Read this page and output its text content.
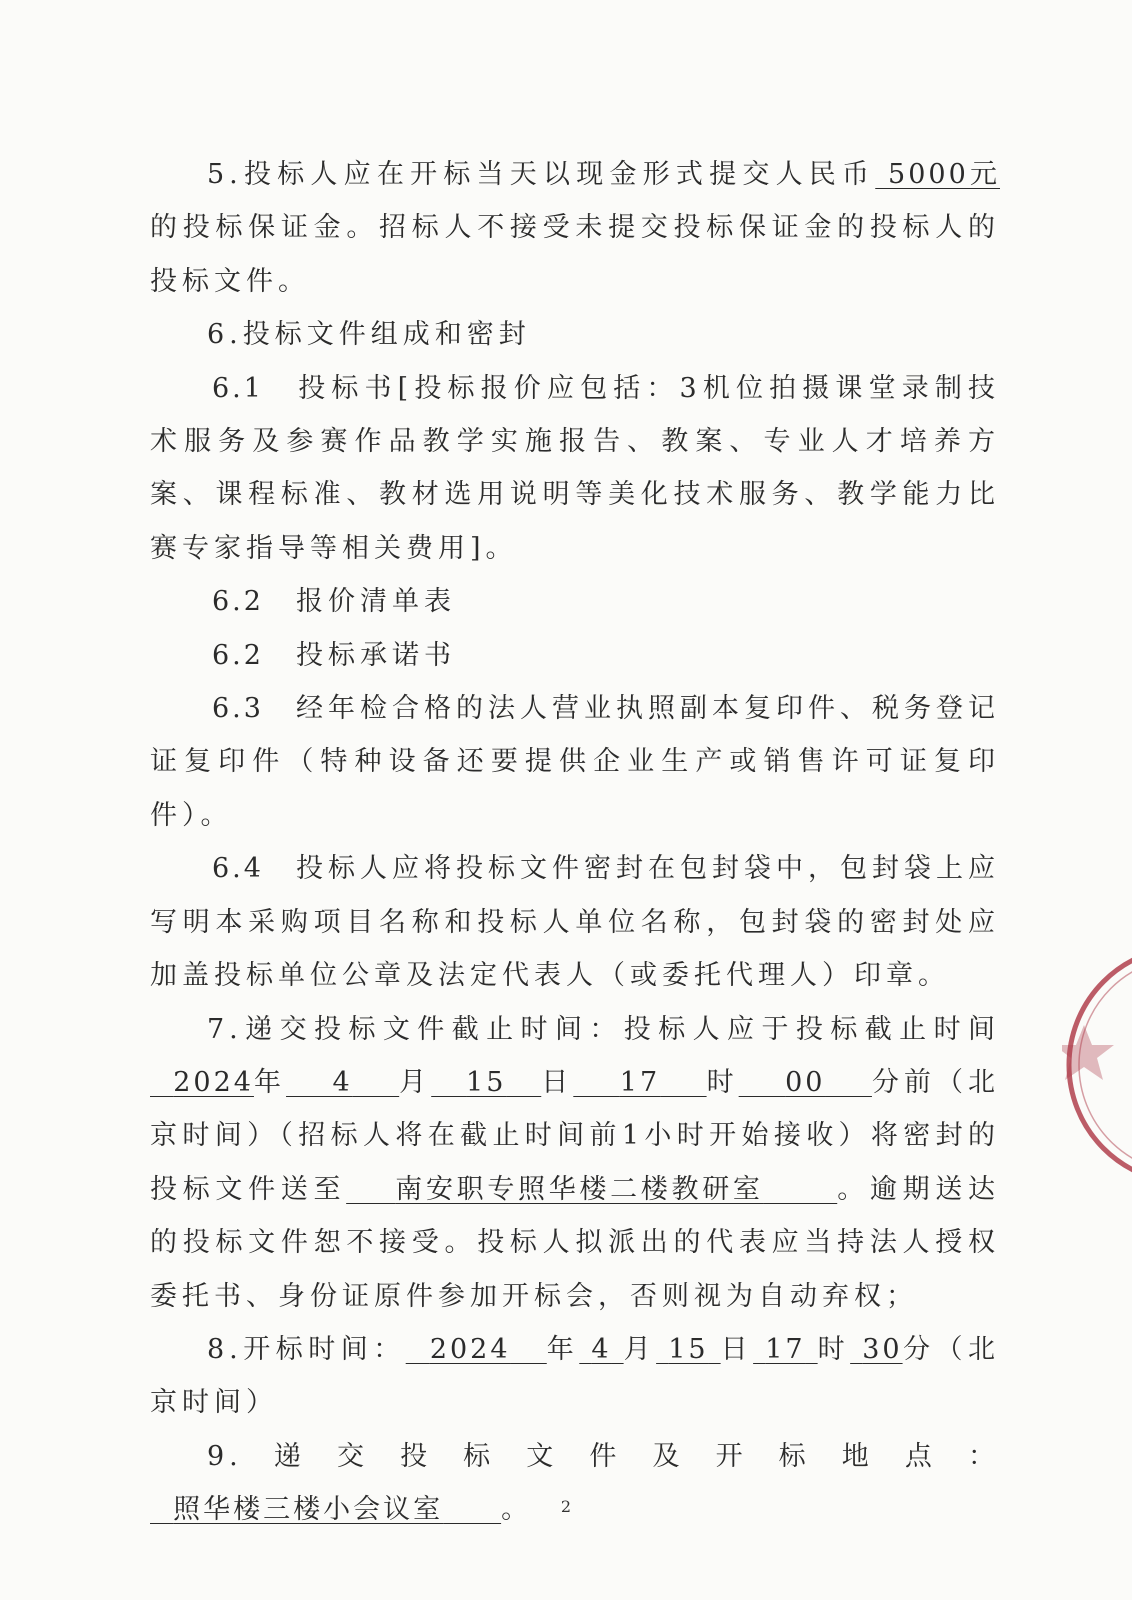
5.投标人应在开标当天以现金形式提交人民币 5000元的投标保证金。招标人不接受未提交投标保证金的投标人的投标文件。

6.投标文件组成和密封

6.1　 投标书[投标报价应包括：3机位拍摄课堂录制技术服务及参赛作品教学实施报告、教案、专业人才培养方案、课程标准、教材选用说明等美化技术服务、教学能力比赛专家指导等相关费用]。

6.2　 报价清单表

6.2　 投标承诺书

6.3　 经年检合格的法人营业执照副本复印件、税务登记证复印件（特种设备还要提供企业生产或销售许可证复印件）。

6.4　 投标人应将投标文件密封在包封袋中，包封袋上应写明本采购项目名称和投标人单位名称，包封袋的密封处应加盖投标单位公章及法定代表人（或委托代理人）印章。

7.递交投标文件截止时间：投标人应于投标截止时间  2024年 4 月 15 日 17 时 00 分前（北京时间）（招标人将在截止时间前1小时开始接收）将密封的投标文件送至 南安职专照华楼二楼教研室	。逾期送达的投标文件恕不接受。投标人拟派出的代表应当持法人授权委托书、身份证原件参加开标会，否则视为自动弃权；

8.开标时间： 2024 年 4 月 15 日 17 时 30分（北京时间）

9.递交投标文件及开标地点：  照华楼三楼小会议室 。	2
